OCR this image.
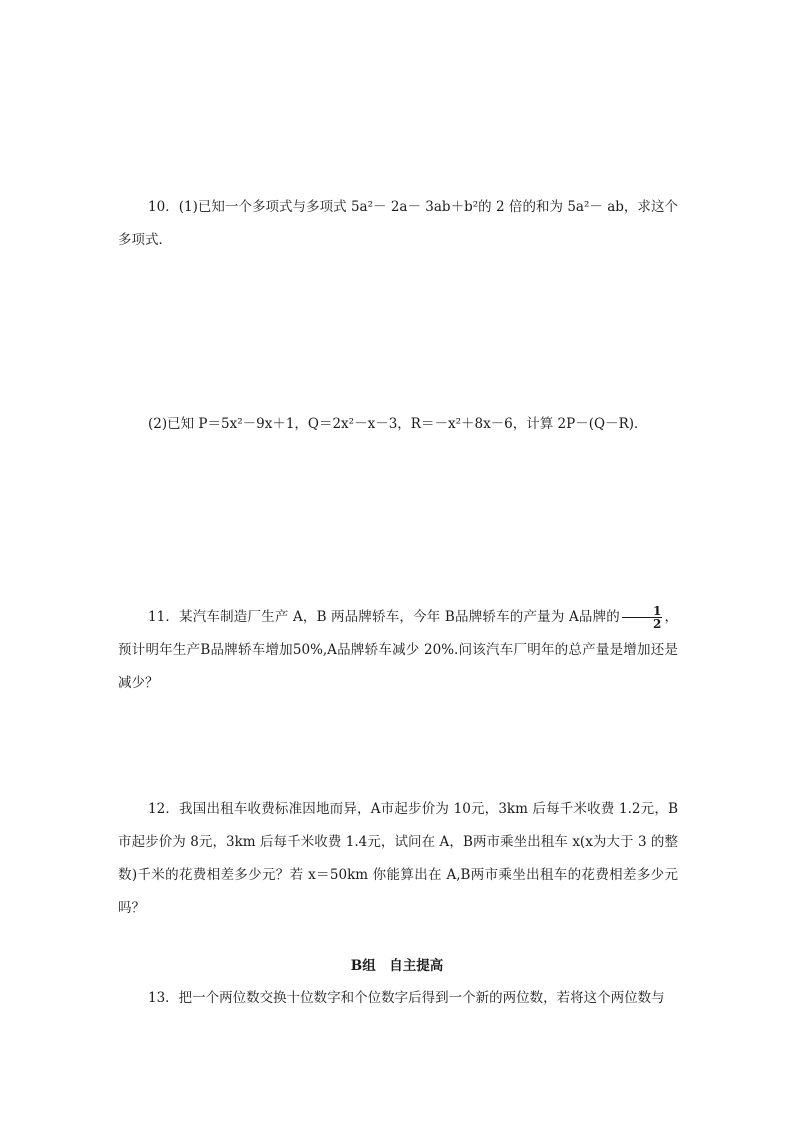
10．(1)已知一个多项式与多项式 5a²－ 2a－ 3ab＋b²的 2 倍的和为 5a²－ ab，求这个多项式．

(2)已知 P＝5x²－9x＋1，Q＝2x²－x－3，R＝－x²＋8x－6，计算 2P－(Q－R)．

11．某汽车制造厂生产 A，B 两品牌轿车，今年 B品牌轿车的产量为 A品牌的 $\frac{1}{2}$ ，预计明年生产B品牌轿车增加50%,A品牌轿车减少 20%.问该汽车厂明年的总产量是增加还是减少？

12．我国出租车收费标准因地而异，A市起步价为 10元，3km 后每千米收费 1.2元，B市起步价为 8元，3km 后每千米收费 1.4元，试问在 A，B两市乘坐出租车 x(x为大于 3 的整数)千米的花费相差多少元？若 x＝50km 你能算出在 A,B两市乘坐出租车的花费相差多少元吗？

B组　自主提高

13．把一个两位数交换十位数字和个位数字后得到一个新的两位数，若将这个两位数与
